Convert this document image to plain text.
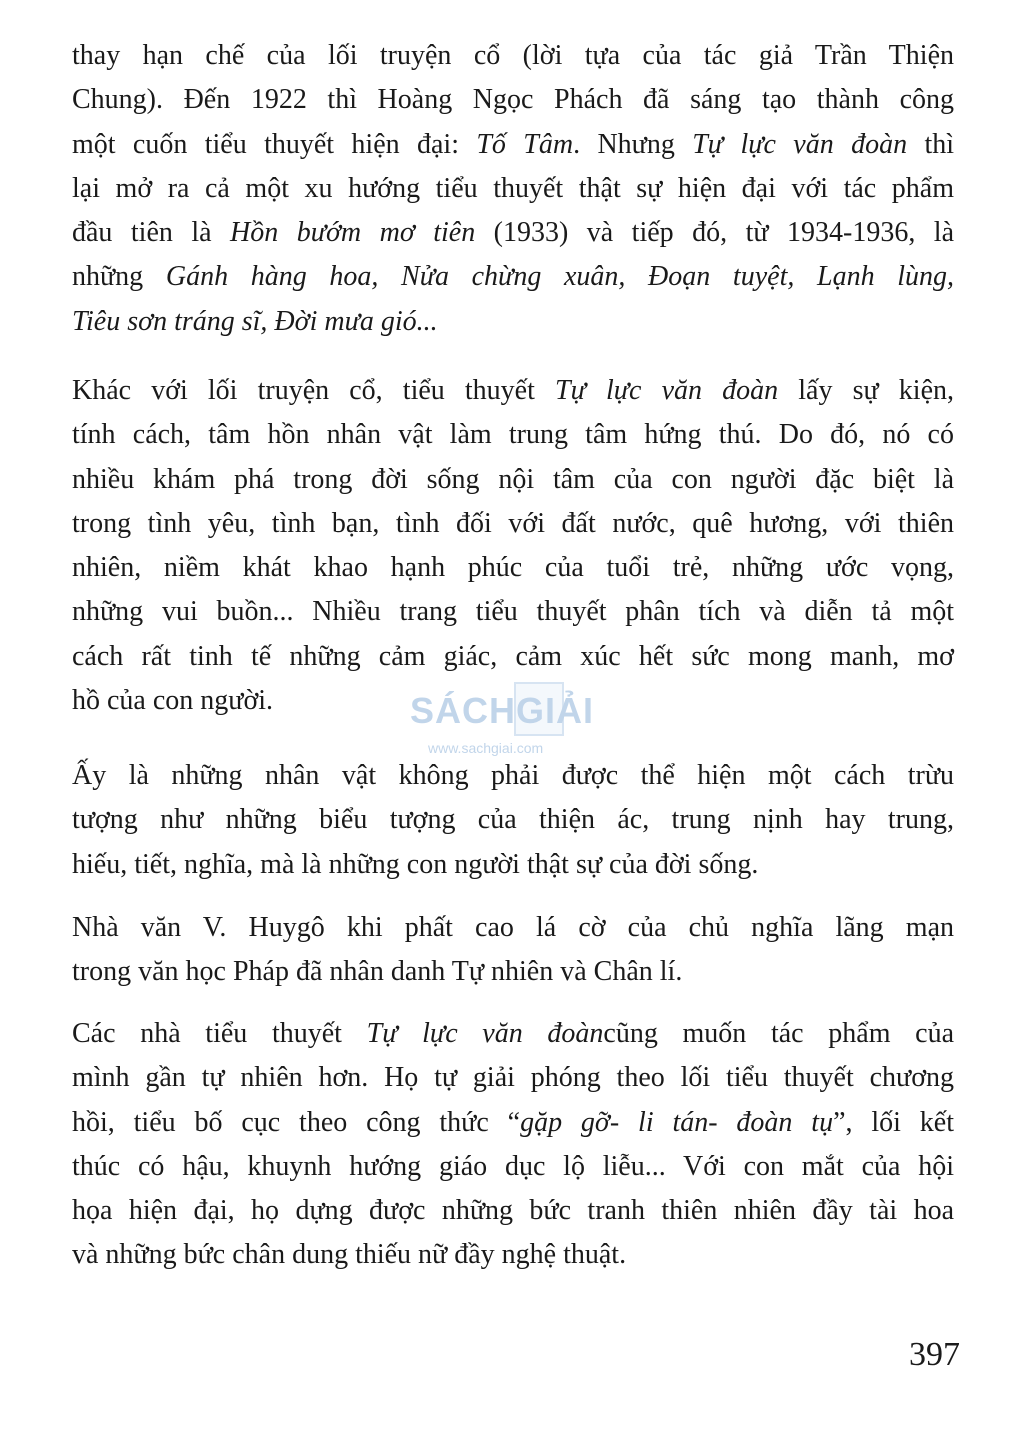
thay hạn chế của lối truyện cổ (lời tựa của tác giả Trần Thiện
Chung). Đến 1922 thì Hoàng Ngọc Phách đã sáng tạo thành công
một cuốn tiểu thuyết hiện đại: Tố Tâm. Nhưng Tự lực văn đoàn thì
lại mở ra cả một xu hướng tiểu thuyết thật sự hiện đại với tác phẩm
đầu tiên là Hồn bướm mơ tiên (1933) và tiếp đó, từ 1934-1936, là
những Gánh hàng hoa, Nửa chừng xuân, Đoạn tuyệt, Lạnh lùng,
Tiêu sơn tráng sĩ, Đời mưa gió...

Khác với lối truyện cổ, tiểu thuyết Tự lực văn đoàn lấy sự kiện,
tính cách, tâm hồn nhân vật làm trung tâm hứng thú. Do đó, nó có
nhiều khám phá trong đời sống nội tâm của con người đặc biệt là
trong tình yêu, tình bạn, tình đối với đất nước, quê hương, với thiên
nhiên, niềm khát khao hạnh phúc của tuổi trẻ, những ước vọng,
những vui buồn... Nhiều trang tiểu thuyết phân tích và diễn tả một
cách rất tinh tế những cảm giác, cảm xúc hết sức mong manh, mơ
hồ của con người.

Ấy là những nhân vật không phải được thể hiện một cách trừu
tượng như những biểu tượng của thiện ác, trung nịnh hay trung,
hiếu, tiết, nghĩa, mà là những con người thật sự của đời sống.

Nhà văn V. Huygô khi phất cao lá cờ của chủ nghĩa lãng mạn
trong văn học Pháp đã nhân danh Tự nhiên và Chân lí.

Các nhà tiểu thuyết Tự lực văn đoàncũng muốn tác phẩm của
mình gần tự nhiên hơn. Họ tự giải phóng theo lối tiểu thuyết chương
hồi, tiểu bố cục theo công thức “gặp gỡ- li tán- đoàn tụ”, lối kết
thúc có hậu, khuynh hướng giáo dục lộ liễu... Với con mắt của hội
họa hiện đại, họ dựng được những bức tranh thiên nhiên đầy tài hoa
và những bức chân dung thiếu nữ đầy nghệ thuật.

SÁCHGIẢI
www.sachgiai.com
397
